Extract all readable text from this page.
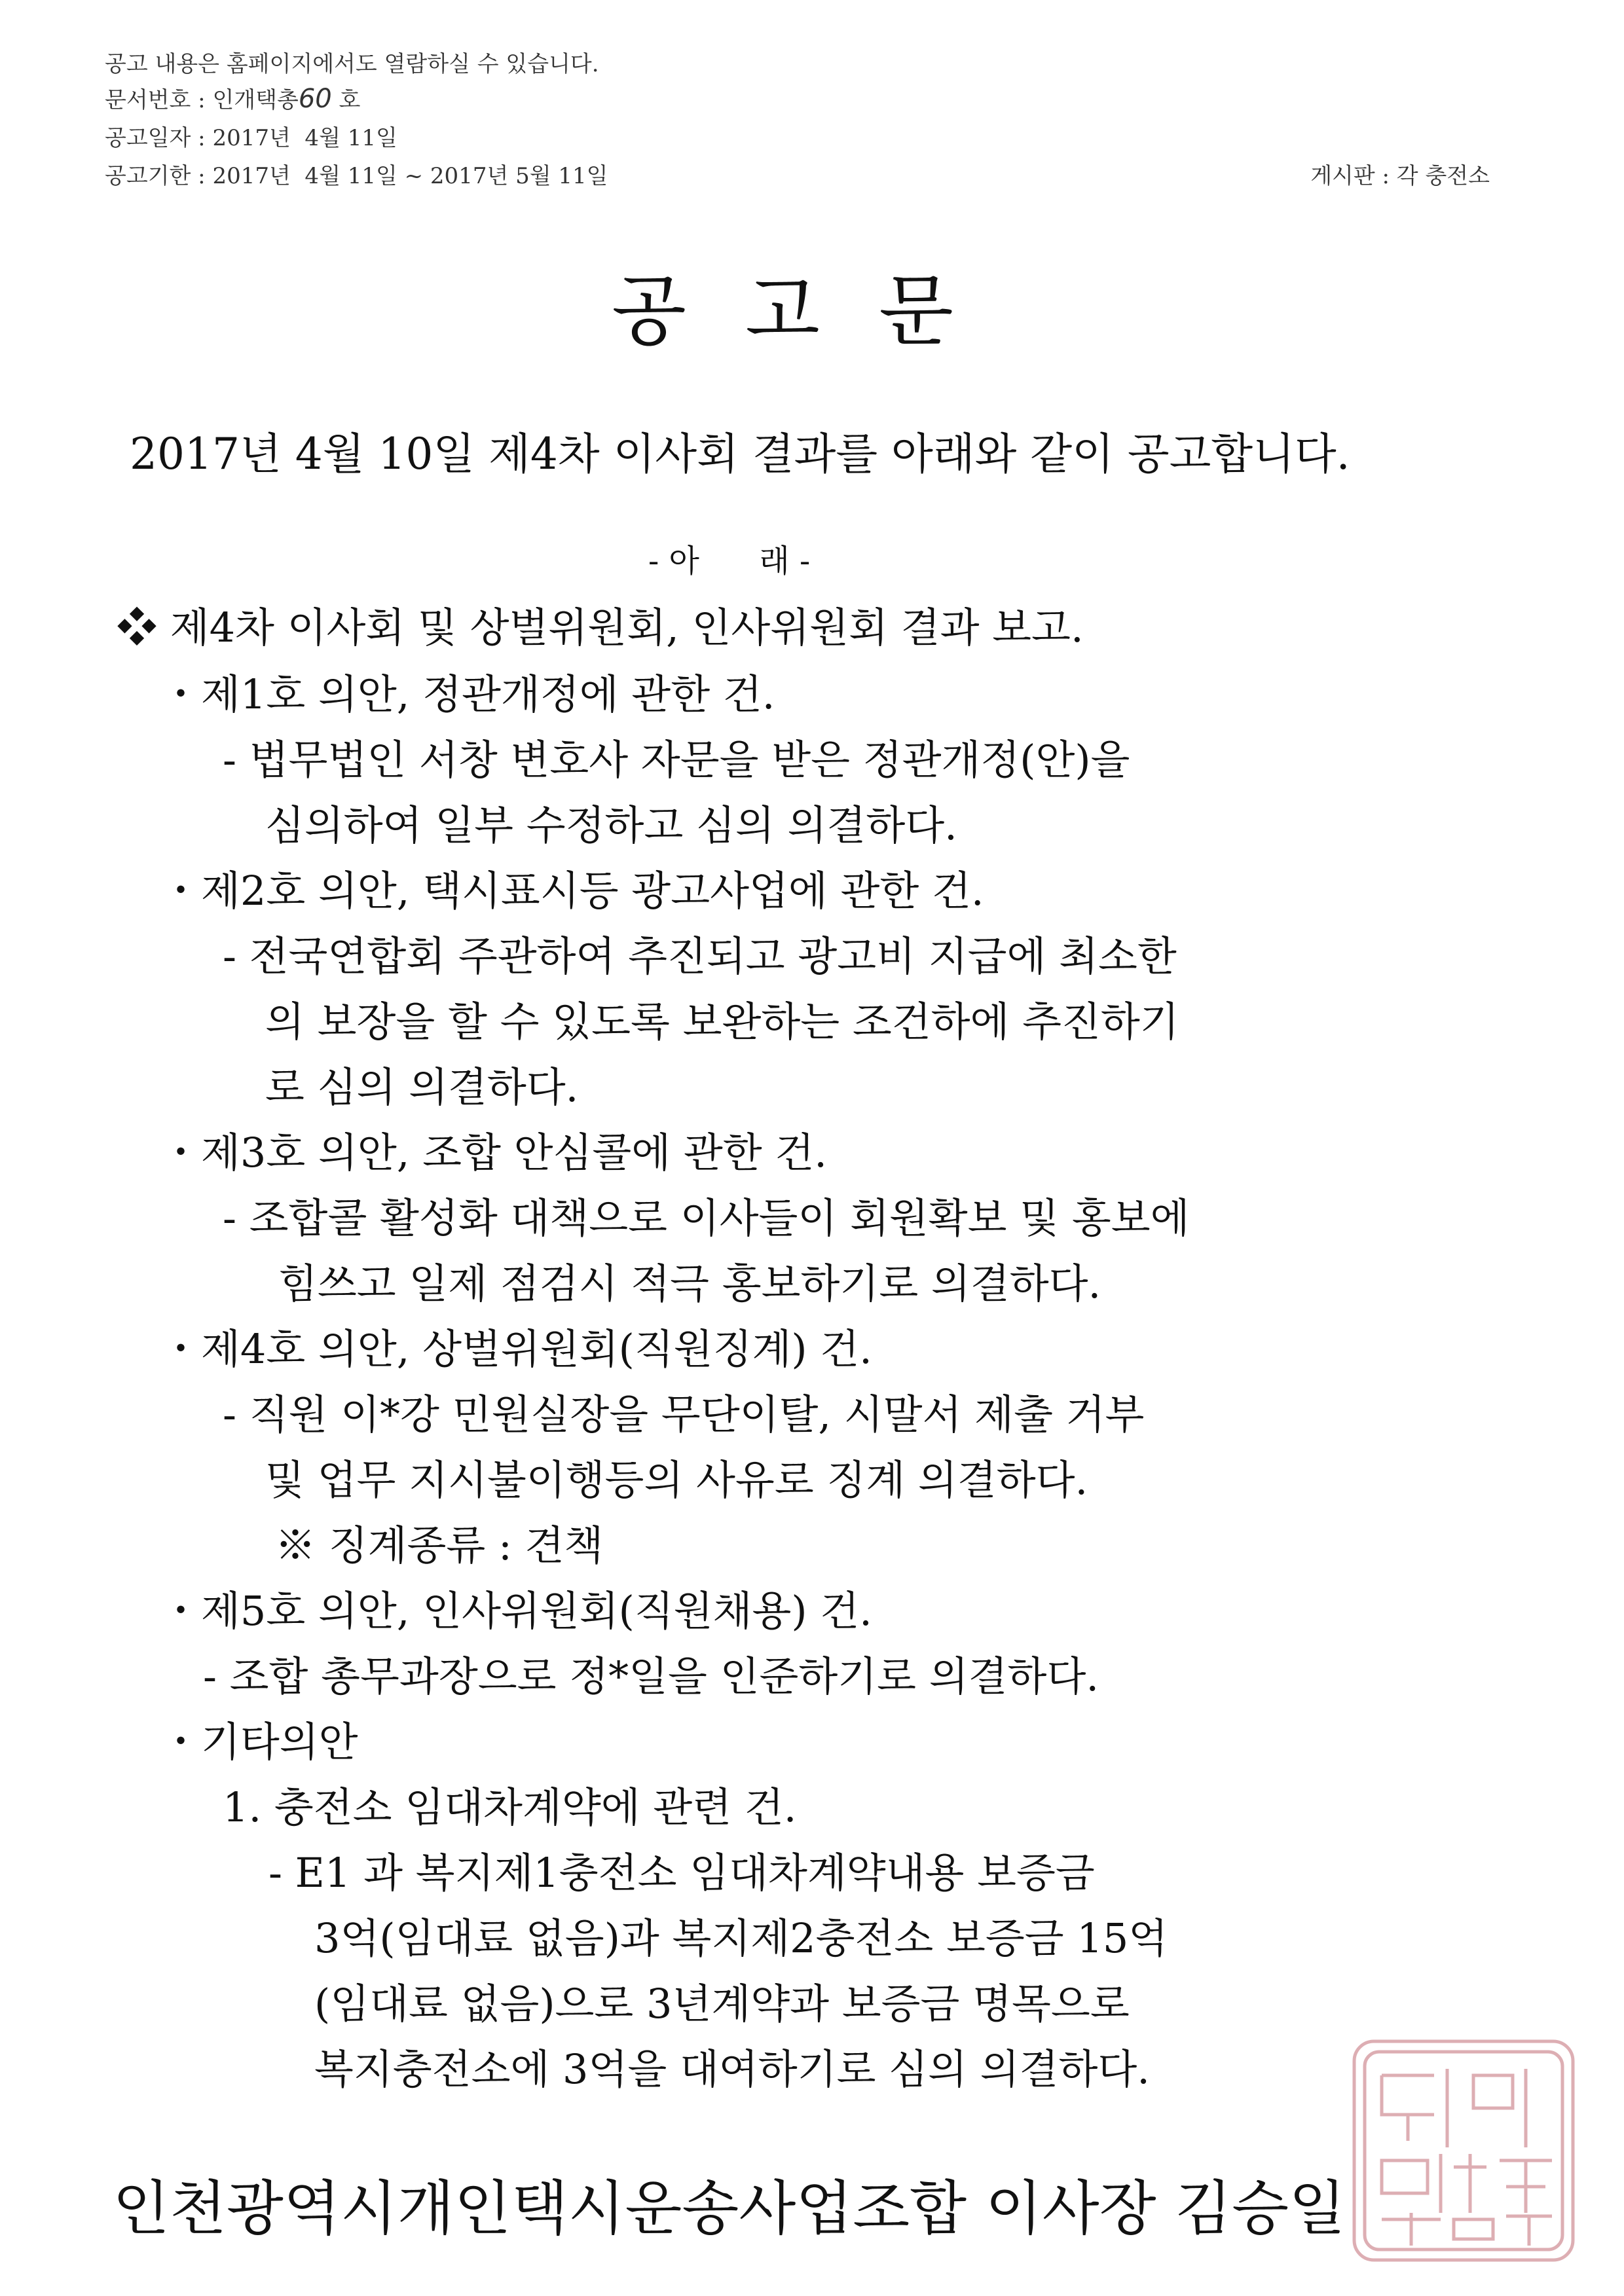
공고 내용은 홈페이지에서도 열람하실 수 있습니다.
문서번호 : 인개택총60 호
공고일자 : 2017년  4월 11일
공고기한 : 2017년  4월 11일 ~ 2017년 5월 11일	게시판 : 각 충전소
공고문
2017년 4월 10일 제4차 이사회 결과를 아래와 같이 공고합니다.
- 아      래 -
❖ 제4차 이사회 및 상벌위원회, 인사위원회 결과 보고.
・제1호 의안, 정관개정에 관한 건.
- 법무법인 서창 변호사 자문을 받은 정관개정(안)을
심의하여 일부 수정하고 심의 의결하다.
・제2호 의안, 택시표시등 광고사업에 관한 건.
- 전국연합회 주관하여 추진되고 광고비 지급에 최소한
의 보장을 할 수 있도록 보완하는 조건하에 추진하기
로 심의 의결하다.
・제3호 의안, 조합 안심콜에 관한 건.
- 조합콜 활성화 대책으로 이사들이 회원확보 및 홍보에
힘쓰고 일제 점검시 적극 홍보하기로 의결하다.
・제4호 의안, 상벌위원회(직원징계) 건.
- 직원 이*강 민원실장을 무단이탈, 시말서 제출 거부
및 업무 지시불이행등의 사유로 징계 의결하다.
※ 징계종류 : 견책
・제5호 의안, 인사위원회(직원채용) 건.
- 조합 총무과장으로 정*일을 인준하기로 의결하다.
・기타의안
1. 충전소 임대차계약에 관련 건.
- E1 과 복지제1충전소 임대차계약내용 보증금
3억(임대료 없음)과 복지제2충전소 보증금 15억
(임대료 없음)으로 3년계약과 보증금 명목으로
복지충전소에 3억을 대여하기로 심의 의결하다.
인천광역시개인택시운송사업조합 이사장 김승일
